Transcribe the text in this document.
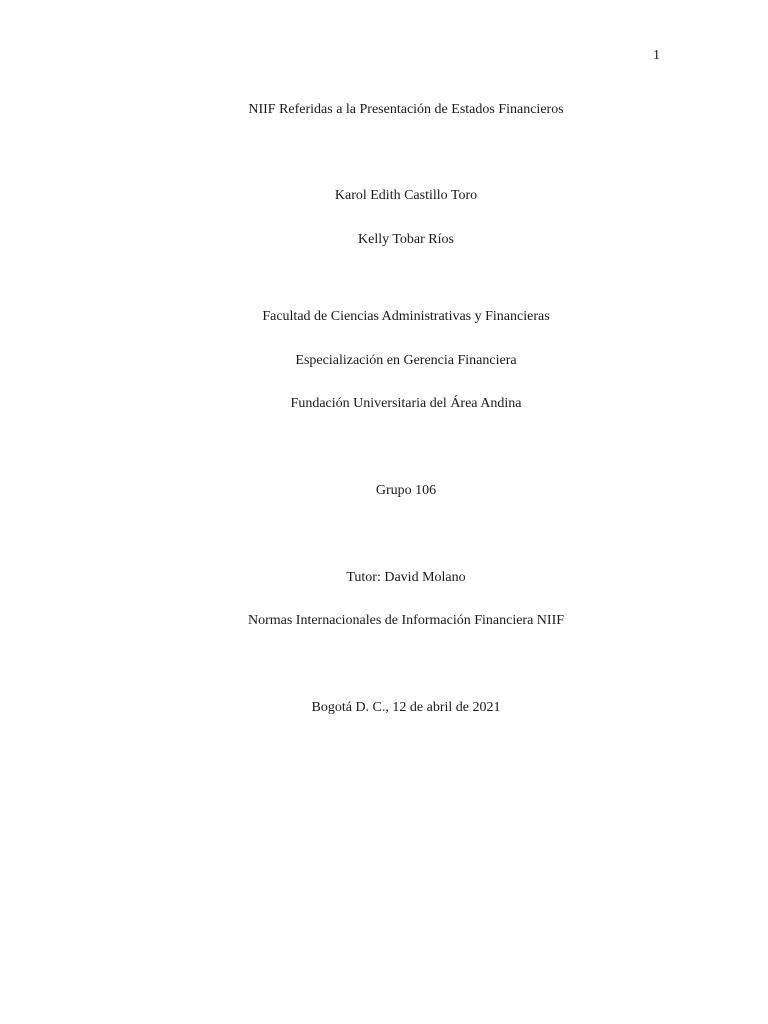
1
NIIF Referidas a la Presentación de Estados Financieros
Karol Edith Castillo Toro
Kelly Tobar Ríos
Facultad de Ciencias Administrativas y Financieras
Especialización en Gerencia Financiera
Fundación Universitaria del Área Andina
Grupo 106
Tutor: David Molano
Normas Internacionales de Información Financiera NIIF
Bogotá D. C., 12 de abril de 2021
